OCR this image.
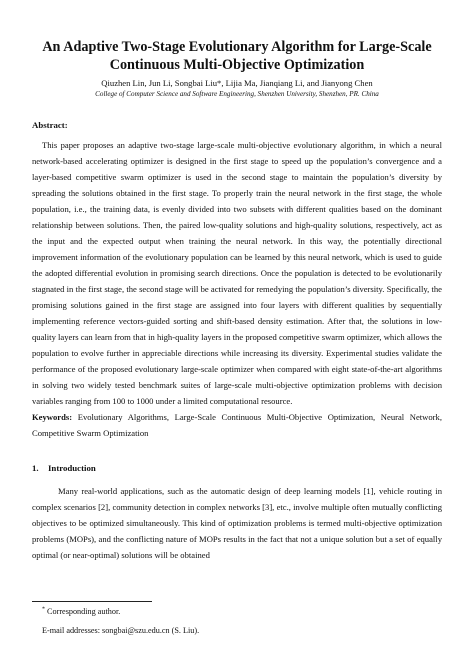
An Adaptive Two-Stage Evolutionary Algorithm for Large-Scale
Continuous Multi-Objective Optimization
Qiuzhen Lin, Jun Li, Songbai Liu*, Lijia Ma, Jianqiang Li, and Jianyong Chen
College of Computer Science and Software Engineering, Shenzhen University, Shenzhen, PR. China
Abstract:

This paper proposes an adaptive two-stage large-scale multi-objective evolutionary algorithm, in which a neural network-based accelerating optimizer is designed in the first stage to speed up the population’s convergence and a layer-based competitive swarm optimizer is used in the second stage to maintain the population’s diversity by spreading the solutions obtained in the first stage. To properly train the neural network in the first stage, the whole population, i.e., the training data, is evenly divided into two subsets with different qualities based on the dominant relationship between solutions. Then, the paired low-quality solutions and high-quality solutions, respectively, act as the input and the expected output when training the neural network. In this way, the potentially directional improvement information of the evolutionary population can be learned by this neural network, which is used to guide the adopted differential evolution in promising search directions. Once the population is detected to be evolutionarily stagnated in the first stage, the second stage will be activated for remedying the population’s diversity. Specifically, the promising solutions gained in the first stage are assigned into four layers with different qualities by sequentially implementing reference vectors-guided sorting and shift-based density estimation. After that, the solutions in low-quality layers can learn from that in high-quality layers in the proposed competitive swarm optimizer, which allows the population to evolve further in appreciable directions while increasing its diversity. Experimental studies validate the performance of the proposed evolutionary large-scale optimizer when compared with eight state-of-the-art algorithms in solving two widely tested benchmark suites of large-scale multi-objective optimization problems with decision variables ranging from 100 to 1000 under a limited computational resource.

Keywords: Evolutionary Algorithms, Large-Scale Continuous Multi-Objective Optimization, Neural Network, Competitive Swarm Optimization

1. Introduction

Many real-world applications, such as the automatic design of deep learning models [1], vehicle routing in complex scenarios [2], community detection in complex networks [3], etc., involve multiple often mutually conflicting objectives to be optimized simultaneously. This kind of optimization problems is termed multi-objective optimization problems (MOPs), and the conflicting nature of MOPs results in the fact that not a unique solution but a set of equally optimal (or near-optimal) solutions will be obtained

* Corresponding author.
E-mail addresses: songbai@szu.edu.cn (S. Liu).
